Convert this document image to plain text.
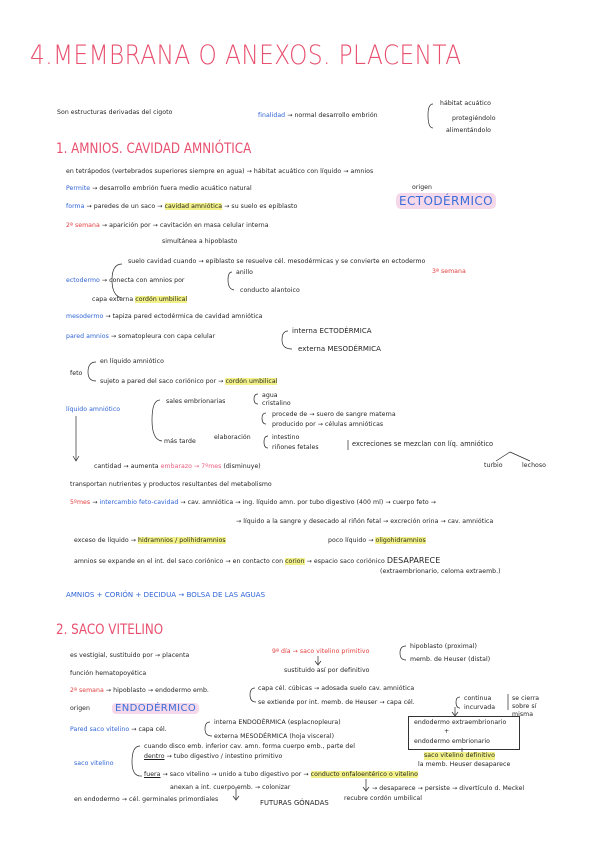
4.MEMBRANA O ANEXOS. PLACENTA
Son estructuras derivadas del cigoto	finalidad → normal desarrollo embrión
hábitat acuático
protegiéndolo
alimentándolo
1. AMNIOS. CAVIDAD AMNIÓTICA
en tetrápodos (vertebrados superiores siempre en agua) → hábitat acuático con líquido → amnios
Permite → desarrollo embrión fuera medio acuático natural	origen
ECTODÉRMICO
forma → paredes de un saco → cavidad amniótica → su suelo es epiblasto
2ª semana → aparición por → cavitación en masa celular interna
simultánea a hipoblasto
suelo cavidad cuando → epiblasto se resuelve cél. mesodérmicas y se convierte en ectodermo
3ª semana
ectodermo → conecta con amnios por
anillo
conducto alantoico
capa externa cordón umbilical
mesodermo → tapiza pared ectodérmica de cavidad amniótica
pared amnios → somatopleura con capa celular
interna ECTODÉRMICA
externa MESODÉRMICA
feto
en líquido amniótico
sujeto a pared del saco coriónico por → cordón umbilical
líquido amniótico
sales embrionarias
agua
cristalino
procede de → suero de sangre materna
producido por → células amnióticas
más tarde
elaboración	intestino
riñones fetales	excreciones se mezclan con líq. amniótico
turbio	lechoso
cantidad → aumenta embarazo → 7ºmes (disminuye)
transportan nutrientes y productos resultantes del metabolismo
5ºmes → intercambio feto-cavidad → cav. amniótica → ing. líquido amn. por tubo digestivo (400 ml) → cuerpo feto →
→ líquido a la sangre y desecado al riñón fetal → excreción orina → cav. amniótica
exceso de líquido → hidramnios / polihidramnios	poco líquido → oligohidramnios
amnios se expande en el int. del saco coriónico → en contacto con corion → espacio saco coriónico DESAPARECE
(extraembrionario, celoma extraemb.)
AMNIOS + CORIÓN + DECIDUA → BOLSA DE LAS AGUAS
2. SACO VITELINO
es vestigial, sustituido por → placenta
9ª día → saco vitelino primitivo
hipoblasto (proximal)
memb. de Heuser (distal)
función hematopoyética	sustituido así por definitivo
2ª semana → hipoblasto → endodermo emb.	capa cél. cúbicas → adosada suelo cav. amniótica
se extiende por int. memb. de Heuser → capa cél.
continua
incurvada
se cierra sobre sí misma
origen	ENDODÉRMICO
endodermo extraembrionario
+
endodermo embrionario
Pared saco vitelino → capa cél.
interna ENDODÉRMICA (esplacnopleura)
externa MESODÉRMICA (hoja visceral)
saco vitelino definitivo
la memb. Heuser desaparece
cuando disco emb. inferior cav. amn. forma cuerpo emb., parte del
dentro → tubo digestivo / intestino primitivo
saco vitelino
fuera → saco vitelino → unido a tubo digestivo por → conducto onfaloentérico o vitelino
anexan a int. cuerpo emb. → colonizar	→ desaparece → persiste → divertículo d. Meckel
en endodermo → cél. germinales primordiales	FUTURAS GÓNADAS
recubre cordón umbilical
